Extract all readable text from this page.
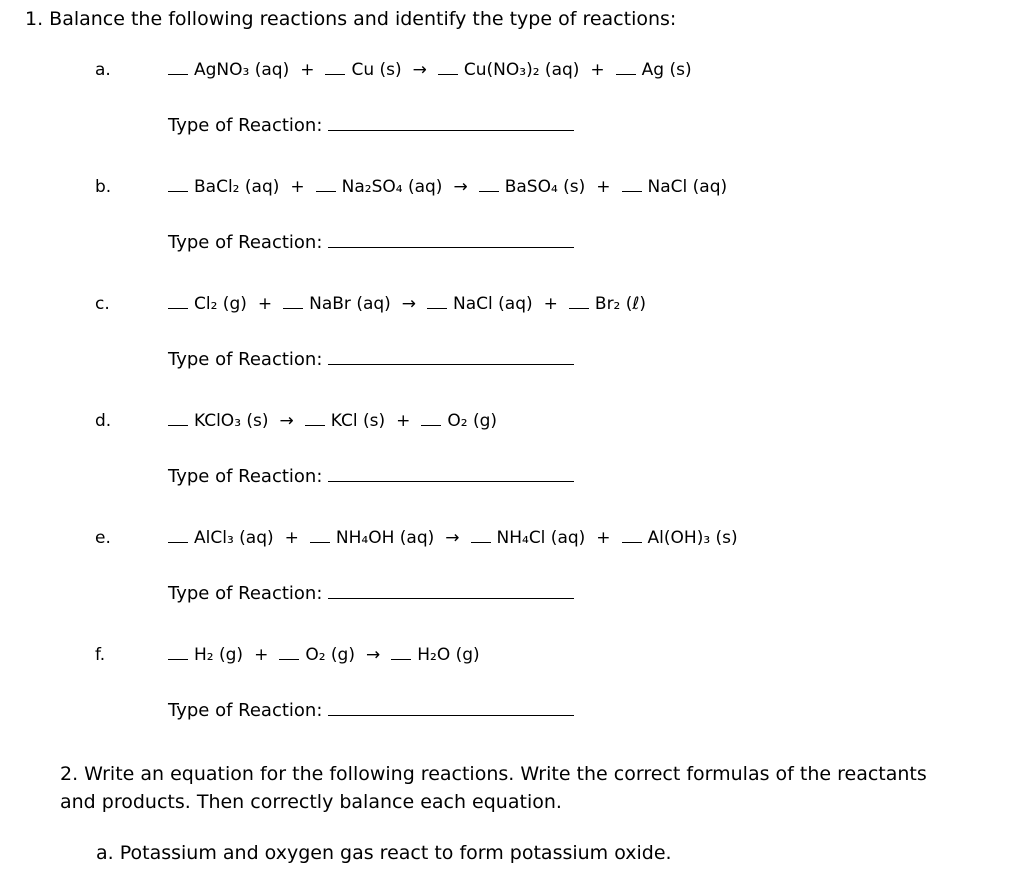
1. Balance the following reactions and identify the type of reactions:
a.	AgNO₃ (aq) + Cu (s) → Cu(NO₃)₂ (aq) + Ag (s)
Type of Reaction:
b.	BaCl₂ (aq) + Na₂SO₄ (aq) → BaSO₄ (s) + NaCl (aq)
Type of Reaction:
c.	Cl₂ (g) + NaBr (aq) → NaCl (aq) + Br₂ (ℓ)
Type of Reaction:
d.	KClO₃ (s) → KCl (s) + O₂ (g)
Type of Reaction:
e.	AlCl₃ (aq) + NH₄OH (aq) → NH₄Cl (aq) + Al(OH)₃ (s)
Type of Reaction:
f.	H₂ (g) + O₂ (g) → H₂O (g)
Type of Reaction:
2. Write an equation for the following reactions. Write the correct formulas of the reactants and products. Then correctly balance each equation.
a. Potassium and oxygen gas react to form potassium oxide.
